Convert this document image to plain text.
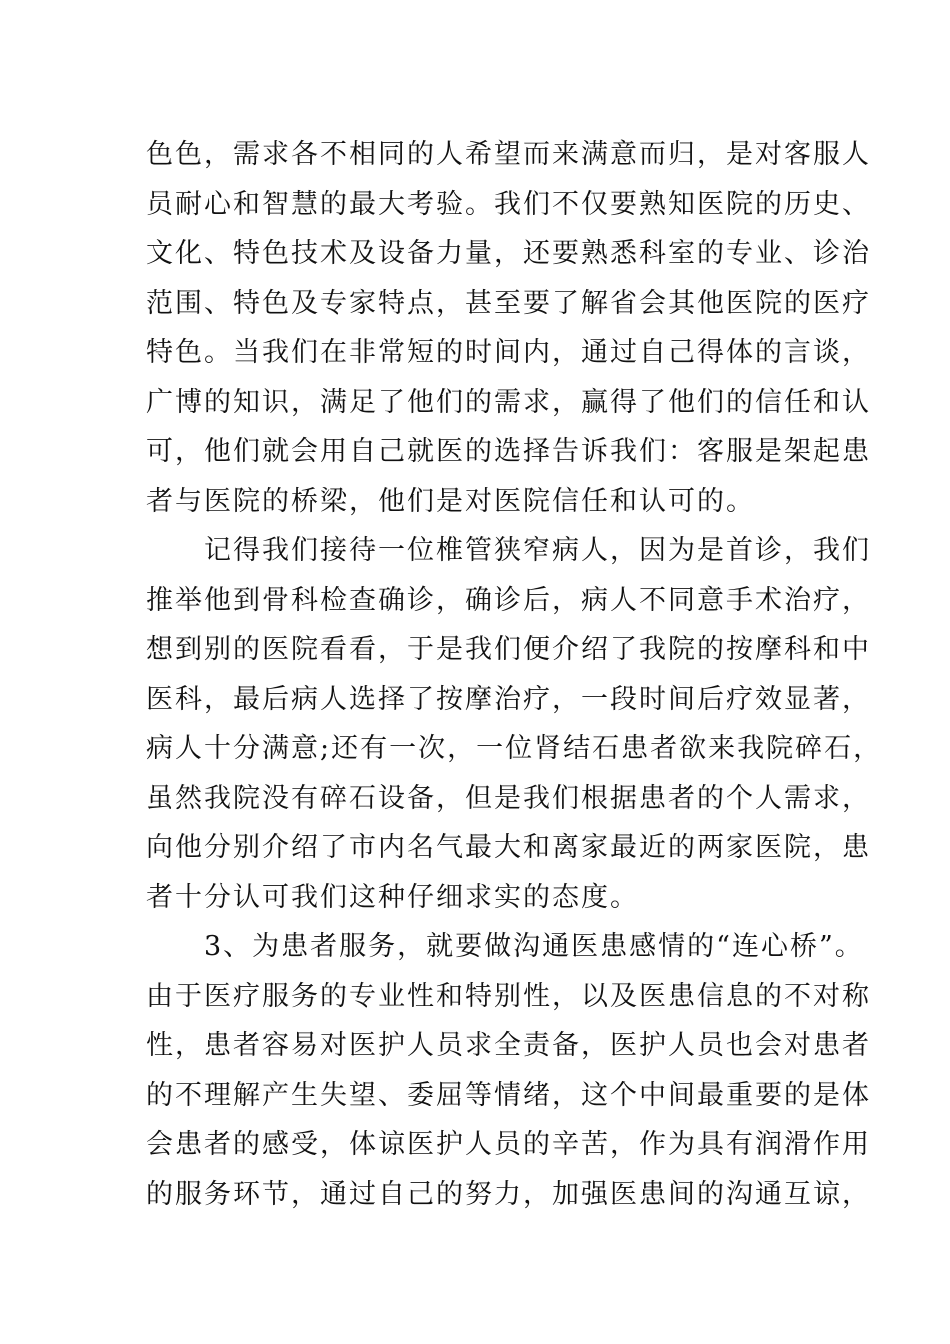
色色，需求各不相同的人希望而来满意而归，是对客服人
员耐心和智慧的最大考验。我们不仅要熟知医院的历史、
文化、特色技术及设备力量，还要熟悉科室的专业、诊治
范围、特色及专家特点，甚至要了解省会其他医院的医疗
特色。当我们在非常短的时间内，通过自己得体的言谈，
广博的知识，满足了他们的需求，赢得了他们的信任和认
可，他们就会用自己就医的选择告诉我们：客服是架起患
者与医院的桥梁，他们是对医院信任和认可的。
　　记得我们接待一位椎管狭窄病人，因为是首诊，我们
推举他到骨科检查确诊，确诊后，病人不同意手术治疗，
想到别的医院看看，于是我们便介绍了我院的按摩科和中
医科，最后病人选择了按摩治疗，一段时间后疗效显著，
病人十分满意;还有一次，一位肾结石患者欲来我院碎石，
虽然我院没有碎石设备，但是我们根据患者的个人需求，
向他分别介绍了市内名气最大和离家最近的两家医院，患
者十分认可我们这种仔细求实的态度。
　　3、为患者服务，就要做沟通医患感情的“连心桥”。
由于医疗服务的专业性和特别性，以及医患信息的不对称
性，患者容易对医护人员求全责备，医护人员也会对患者
的不理解产生失望、委屈等情绪，这个中间最重要的是体
会患者的感受，体谅医护人员的辛苦，作为具有润滑作用
的服务环节，通过自己的努力，加强医患间的沟通互谅，
